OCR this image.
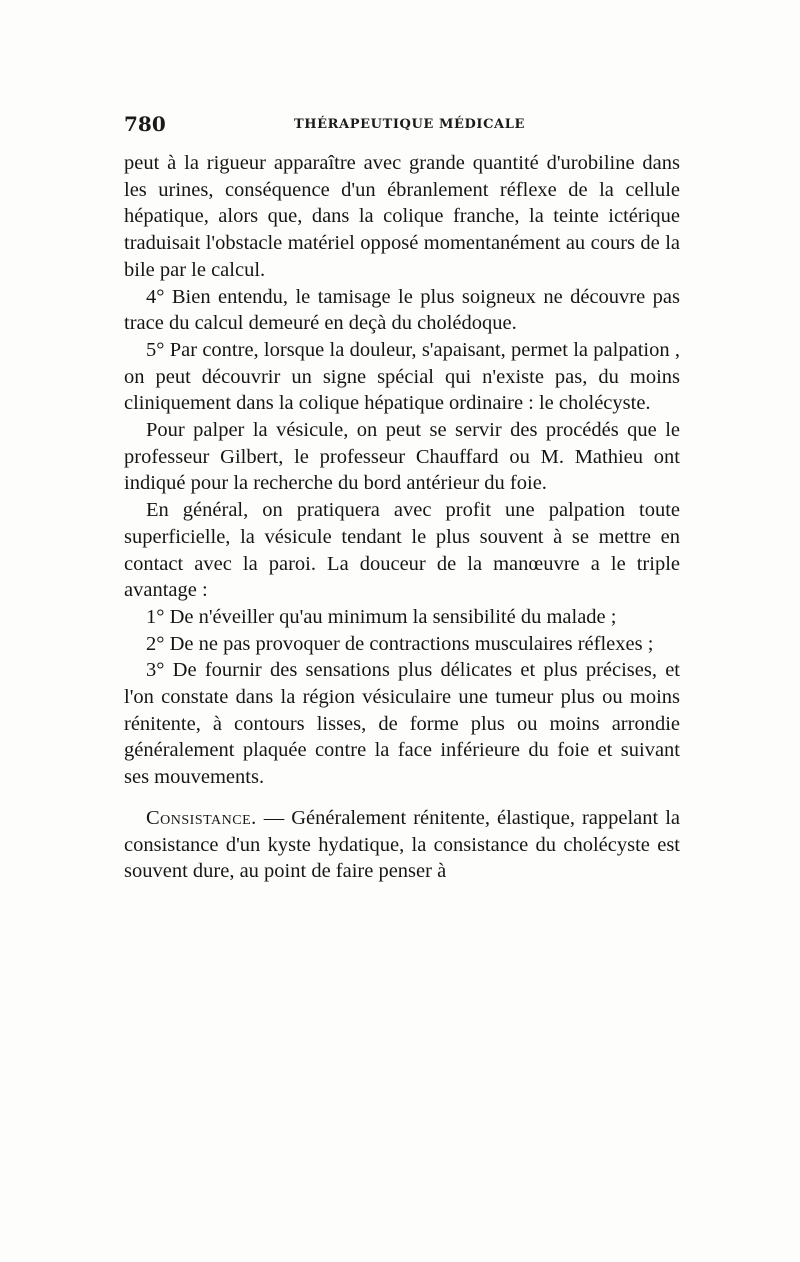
780	THÉRAPEUTIQUE MÉDICALE

peut à la rigueur apparaître avec grande quantité d'urobiline dans les urines, conséquence d'un ébranlement réflexe de la cellule hépatique, alors que, dans la colique franche, la teinte ictérique traduisait l'obstacle matériel opposé momentanément au cours de la bile par le calcul.

4° Bien entendu, le tamisage le plus soigneux ne découvre pas trace du calcul demeuré en deçà du cholédoque.

5° Par contre, lorsque la douleur, s'apaisant, permet la palpation , on peut découvrir un signe spécial qui n'existe pas, du moins cliniquement dans la colique hépatique ordinaire : le cholécyste.

Pour palper la vésicule, on peut se servir des procédés que le professeur Gilbert, le professeur Chauffard ou M. Mathieu ont indiqué pour la recherche du bord antérieur du foie.

En général, on pratiquera avec profit une palpation toute superficielle, la vésicule tendant le plus souvent à se mettre en contact avec la paroi. La douceur de la manœuvre a le triple avantage :

1° De n'éveiller qu'au minimum la sensibilité du malade ;

2° De ne pas provoquer de contractions musculaires réflexes ;

3° De fournir des sensations plus délicates et plus précises, et l'on constate dans la région vésiculaire une tumeur plus ou moins rénitente, à contours lisses, de forme plus ou moins arrondie généralement plaquée contre la face inférieure du foie et suivant ses mouvements.

Consistance. — Généralement rénitente, élastique, rappelant la consistance d'un kyste hydatique, la consistance du cholécyste est souvent dure, au point de faire penser à
